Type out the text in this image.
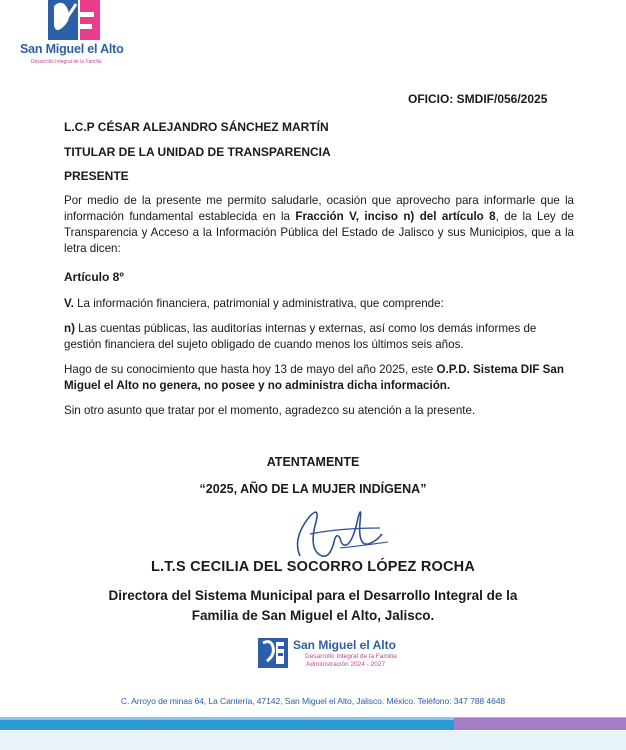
San Miguel el Alto
Desarrollo Integral de la Familia
OFICIO: SMDIF/056/2025
L.C.P CÉSAR ALEJANDRO SÁNCHEZ MARTÍN
TITULAR DE LA UNIDAD DE TRANSPARENCIA
PRESENTE
Por medio de la presente me permito saludarle, ocasión que aprovecho para informarle que la información fundamental establecida en la Fracción V, inciso n) del artículo 8, de la Ley de Transparencia y Acceso a la Información Pública del Estado de Jalisco y sus Municipios, que a la letra dicen:
Artículo 8º
V. La información financiera, patrimonial y administrativa, que comprende:
n) Las cuentas públicas, las auditorías internas y externas, así como los demás informes de gestión financiera del sujeto obligado de cuando menos los últimos seis años.
Hago de su conocimiento que hasta hoy 13 de mayo del año 2025, este O.P.D. Sistema DIF San Miguel el Alto no genera, no posee y no administra dicha información.
Sin otro asunto que tratar por el momento, agradezco su atención a la presente.
ATENTAMENTE
“2025, AÑO DE LA MUJER INDÍGENA”
L.T.S CECILIA DEL SOCORRO LÓPEZ ROCHA
Directora del Sistema Municipal para el Desarrollo Integral de la
Familia de San Miguel el Alto, Jalisco.
San Miguel el Alto
Desarrollo Integral de la Familia
Administración 2024 - 2027
C. Arroyo de minas 64, La Cantería, 47142, San Miguel el Alto, Jalisco. México. Teléfono: 347 788 4648
